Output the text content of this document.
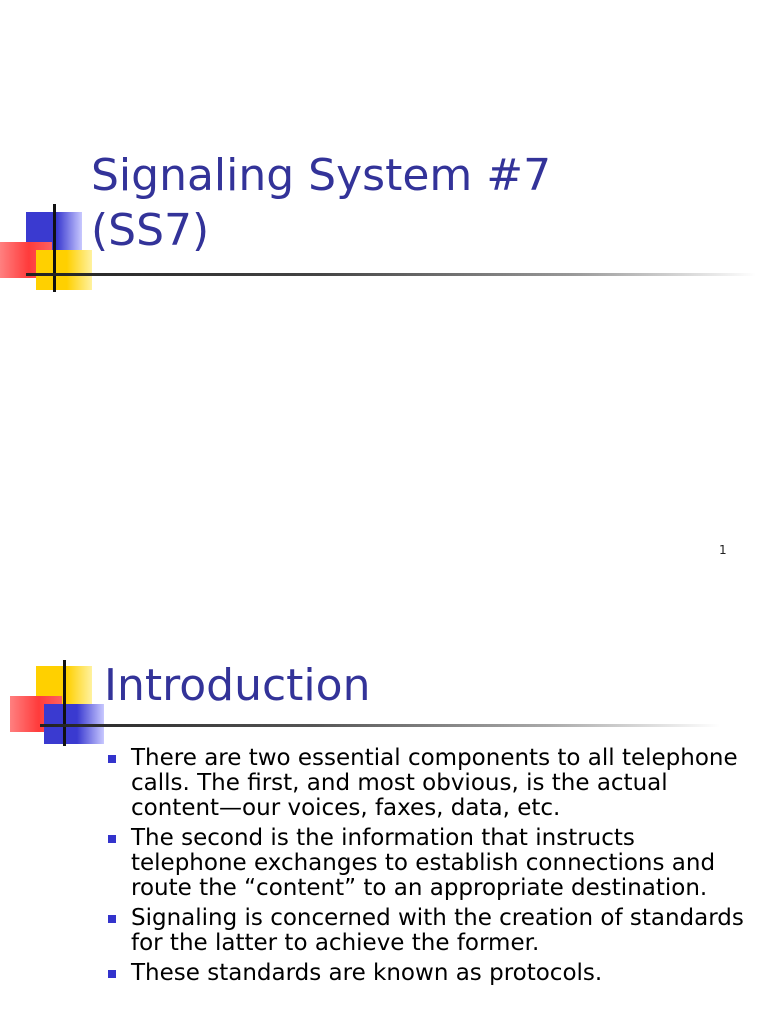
Signaling System #7
(SS7)
1
Introduction
There are two essential components to all telephone calls. The first, and most obvious, is the actual content—our voices, faxes, data, etc.
The second is the information that instructs telephone exchanges to establish connections and route the “content” to an appropriate destination.
Signaling is concerned with the creation of standards for the latter to achieve the former.
These standards are known as protocols.
